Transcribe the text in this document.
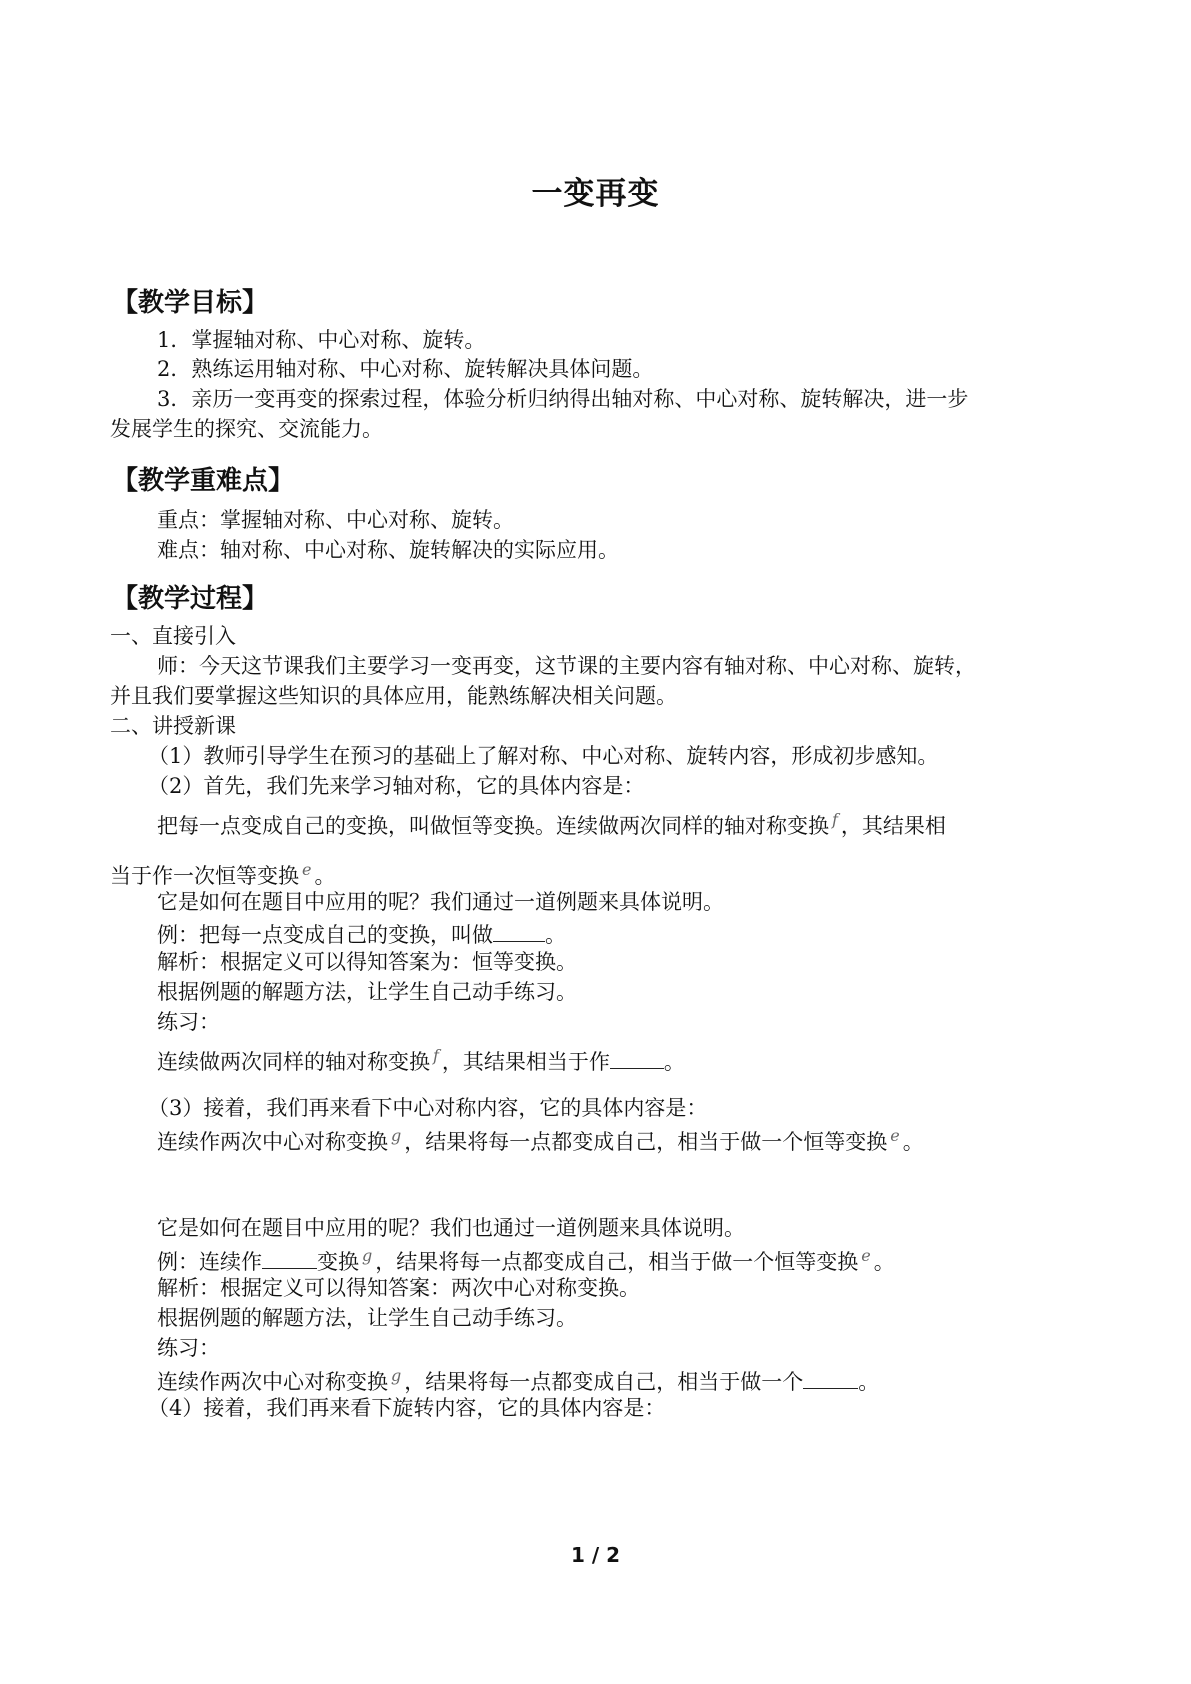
一变再变
【教学目标】
1．掌握轴对称、中心对称、旋转。
2．熟练运用轴对称、中心对称、旋转解决具体问题。
3．亲历一变再变的探索过程，体验分析归纳得出轴对称、中心对称、旋转解决，进一步
发展学生的探究、交流能力。
【教学重难点】
重点：掌握轴对称、中心对称、旋转。
难点：轴对称、中心对称、旋转解决的实际应用。
【教学过程】
一、直接引入
师：今天这节课我们主要学习一变再变，这节课的主要内容有轴对称、中心对称、旋转，
并且我们要掌握这些知识的具体应用，能熟练解决相关问题。
二、讲授新课
（1）教师引导学生在预习的基础上了解对称、中心对称、旋转内容，形成初步感知。
（2）首先，我们先来学习轴对称，它的具体内容是：
把每一点变成自己的变换，叫做恒等变换。连续做两次同样的轴对称变换 $^f$ ，其结果相
当于作一次恒等变换 $^e$ 。
它是如何在题目中应用的呢？我们通过一道例题来具体说明。
例：把每一点变成自己的变换，叫做 。
解析：根据定义可以得知答案为：恒等变换。
根据例题的解题方法，让学生自己动手练习。
练习：
连续做两次同样的轴对称变换 $^f$ ，其结果相当于作	。
（3）接着，我们再来看下中心对称内容，它的具体内容是：
连续作两次中心对称变换 $^g$ ，结果将每一点都变成自己，相当于做一个恒等变换 $^e$ 。
它是如何在题目中应用的呢？我们也通过一道例题来具体说明。
例：连续作	变换 $^g$ ，结果将每一点都变成自己，相当于做一个恒等变换 $^e$ 。
解析：根据定义可以得知答案：两次中心对称变换。
根据例题的解题方法，让学生自己动手练习。
练习：
连续作两次中心对称变换 $^g$ ，结果将每一点都变成自己，相当于做一个	。
（4）接着，我们再来看下旋转内容，它的具体内容是：
1 / 2
